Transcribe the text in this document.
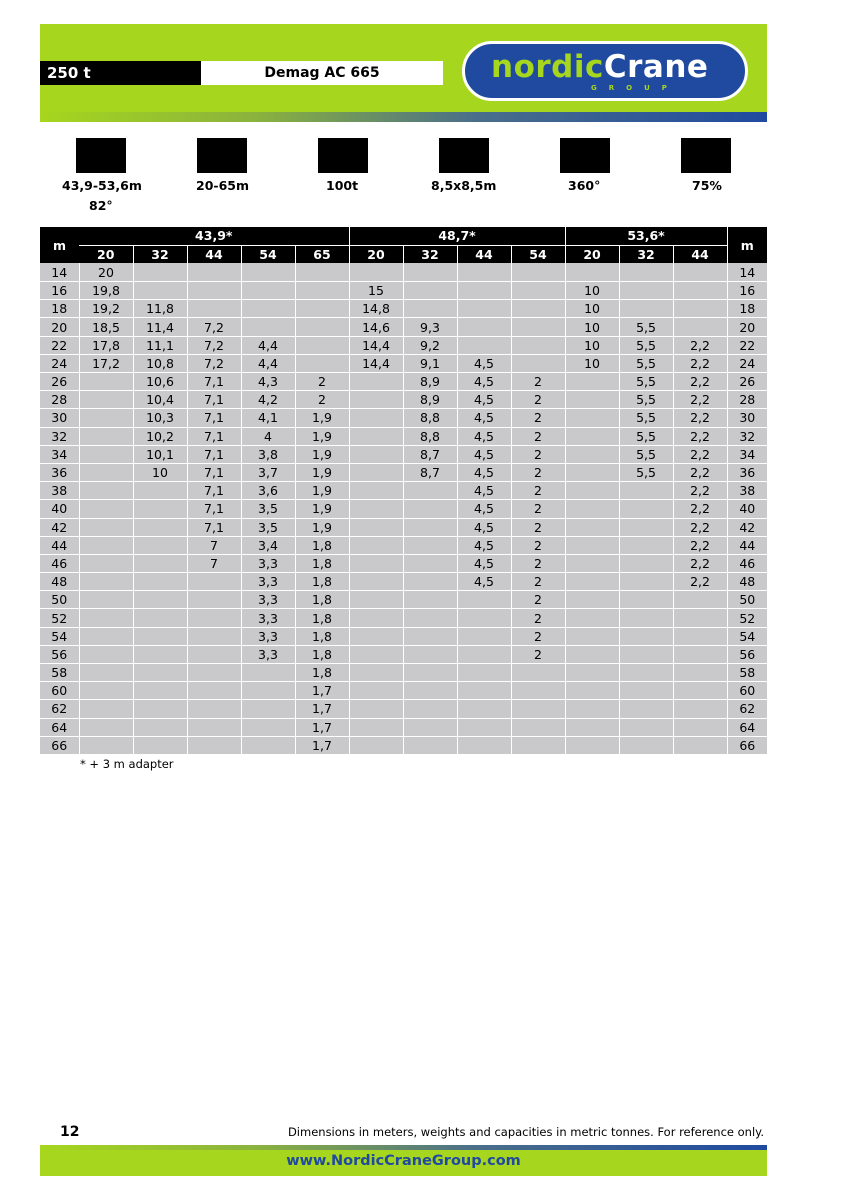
250 t	Demag AC 665	nordicCrane
GROUP
43,9-53,6m
82°
20-65m	100t	8,5x8,5m	360°	75%
m	43,9*					48,7*				53,6*			m
	20	32	44	54	65	20	32	44	54	20	32	44	
14	20												14
16	19,8					15				10			16
18	19,2	11,8				14,8				10			18
20	18,5	11,4	7,2			14,6	9,3			10	5,5		20
22	17,8	11,1	7,2	4,4		14,4	9,2			10	5,5	2,2	22
24	17,2	10,8	7,2	4,4		14,4	9,1	4,5		10	5,5	2,2	24
26		10,6	7,1	4,3	2		8,9	4,5	2		5,5	2,2	26
28		10,4	7,1	4,2	2		8,9	4,5	2		5,5	2,2	28
30		10,3	7,1	4,1	1,9		8,8	4,5	2		5,5	2,2	30
32		10,2	7,1	4	1,9		8,8	4,5	2		5,5	2,2	32
34		10,1	7,1	3,8	1,9		8,7	4,5	2		5,5	2,2	34
36		10	7,1	3,7	1,9		8,7	4,5	2		5,5	2,2	36
38			7,1	3,6	1,9			4,5	2			2,2	38
40			7,1	3,5	1,9			4,5	2			2,2	40
42			7,1	3,5	1,9			4,5	2			2,2	42
44			7	3,4	1,8			4,5	2			2,2	44
46			7	3,3	1,8			4,5	2			2,2	46
48				3,3	1,8			4,5	2			2,2	48
50				3,3	1,8				2				50
52				3,3	1,8				2				52
54				3,3	1,8				2				54
56				3,3	1,8				2				56
58					1,8								58
60					1,7								60
62					1,7								62
64					1,7								64
66					1,7								66
* + 3 m adapter
12	Dimensions in meters, weights and capacities in metric tonnes. For reference only.
www.NordicCraneGroup.com
